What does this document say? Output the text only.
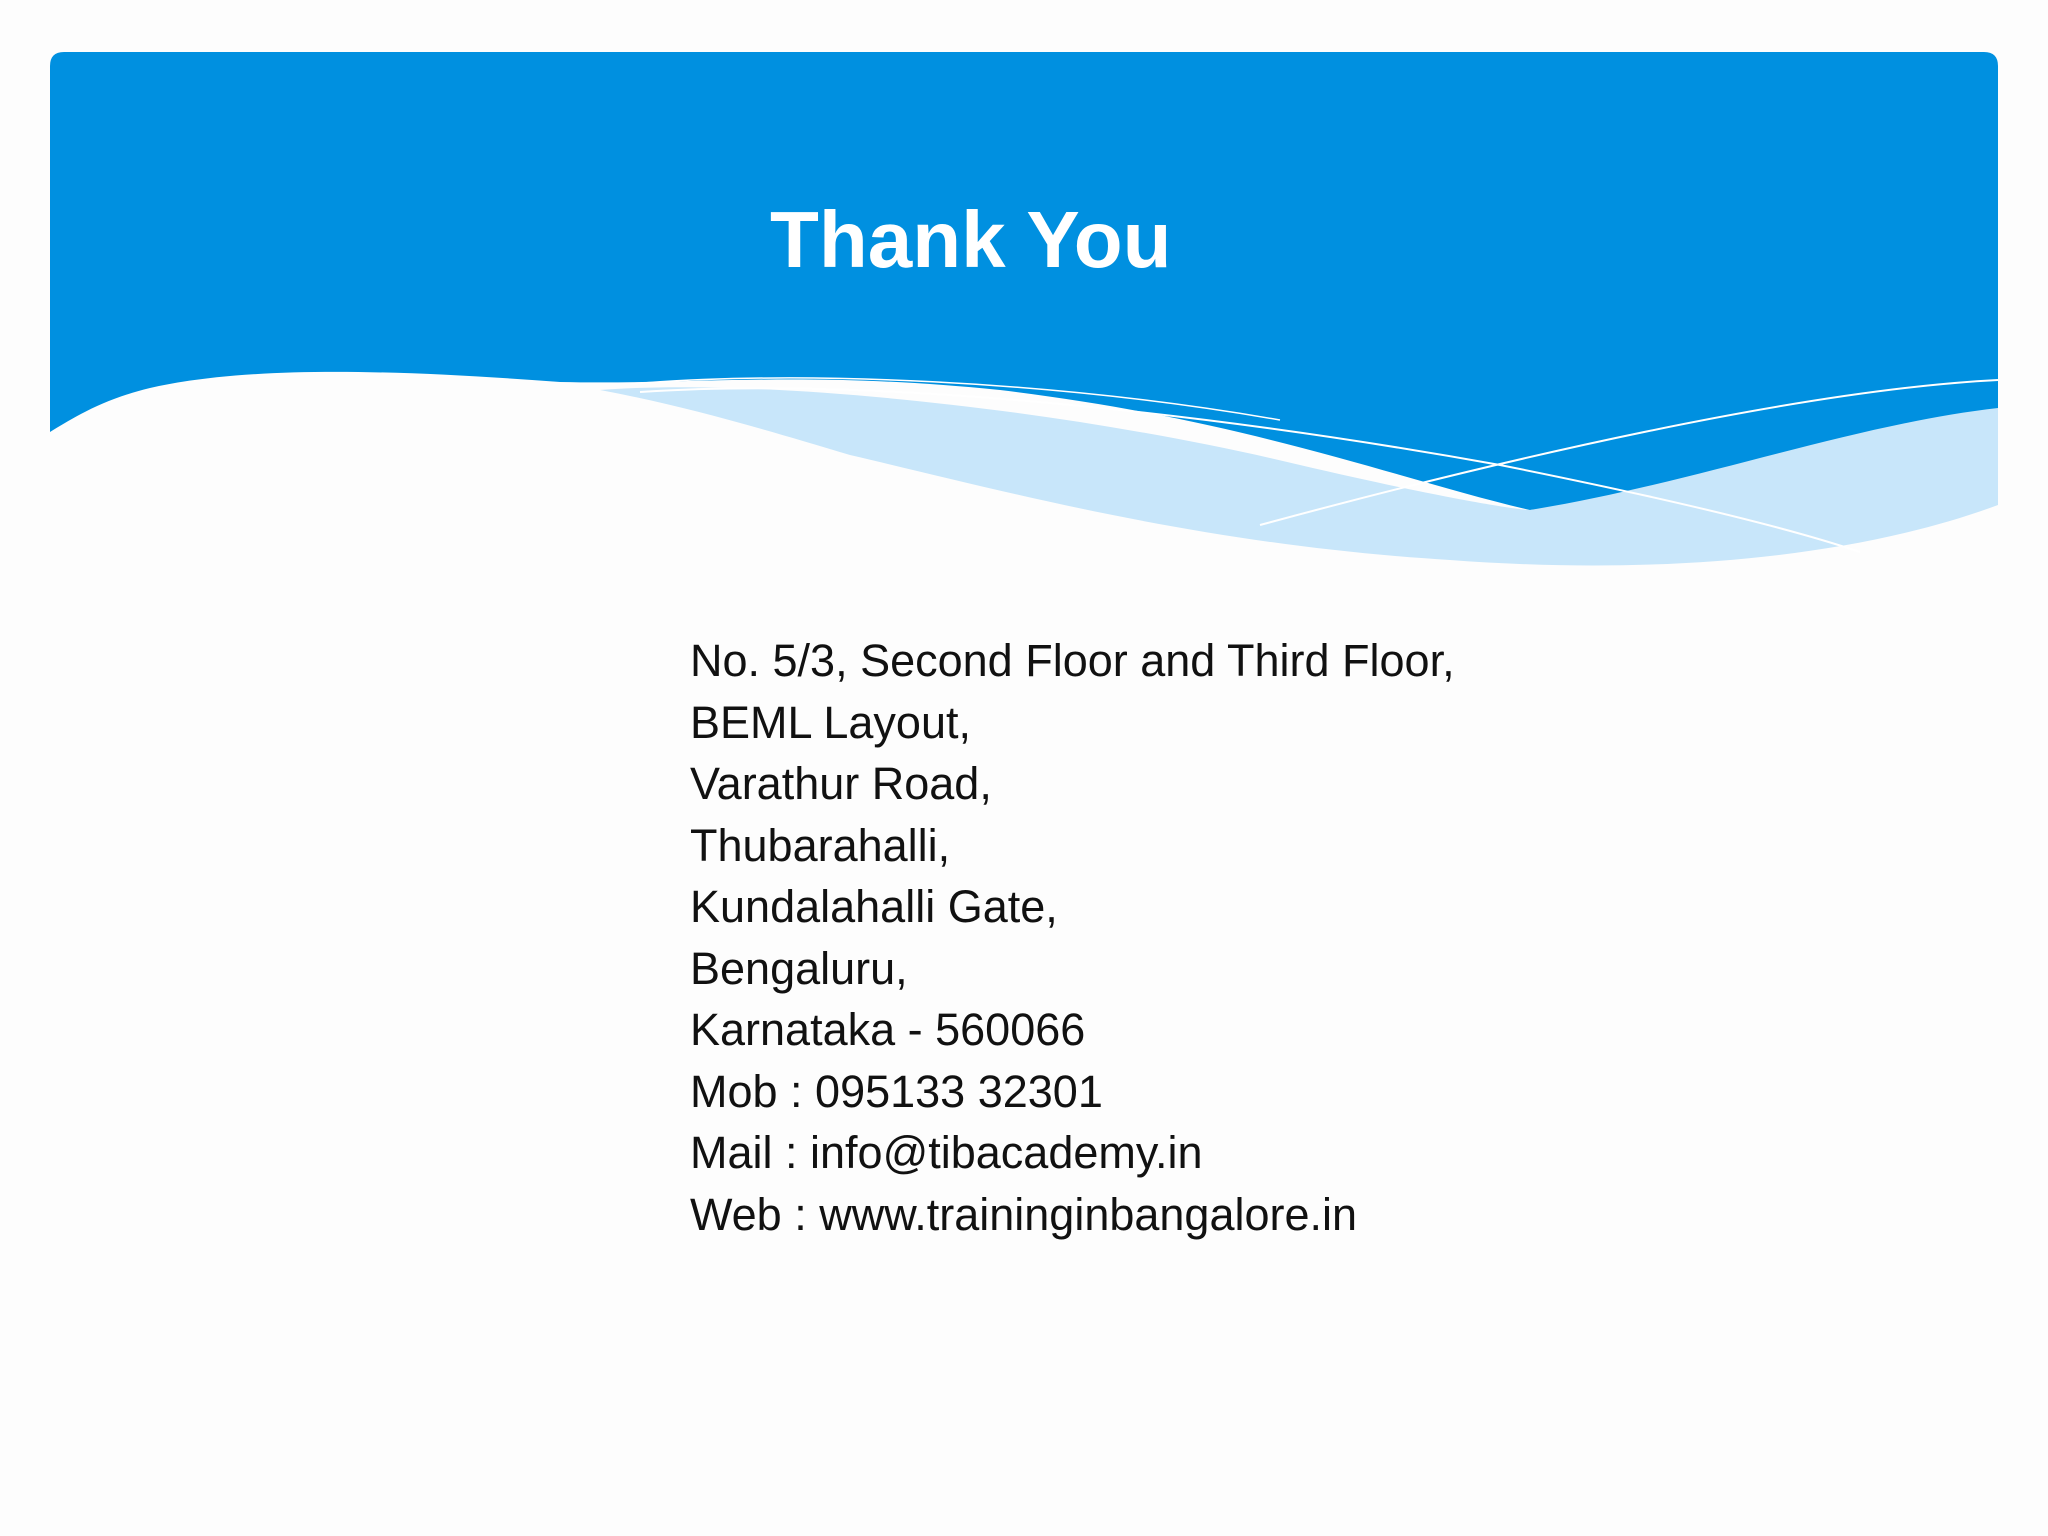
Thank You
No. 5/3, Second Floor and Third Floor,
BEML Layout,
Varathur Road,
Thubarahalli,
Kundalahalli Gate,
Bengaluru,
Karnataka - 560066
Mob : 095133 32301
Mail : info@tibacademy.in
Web : www.traininginbangalore.in
